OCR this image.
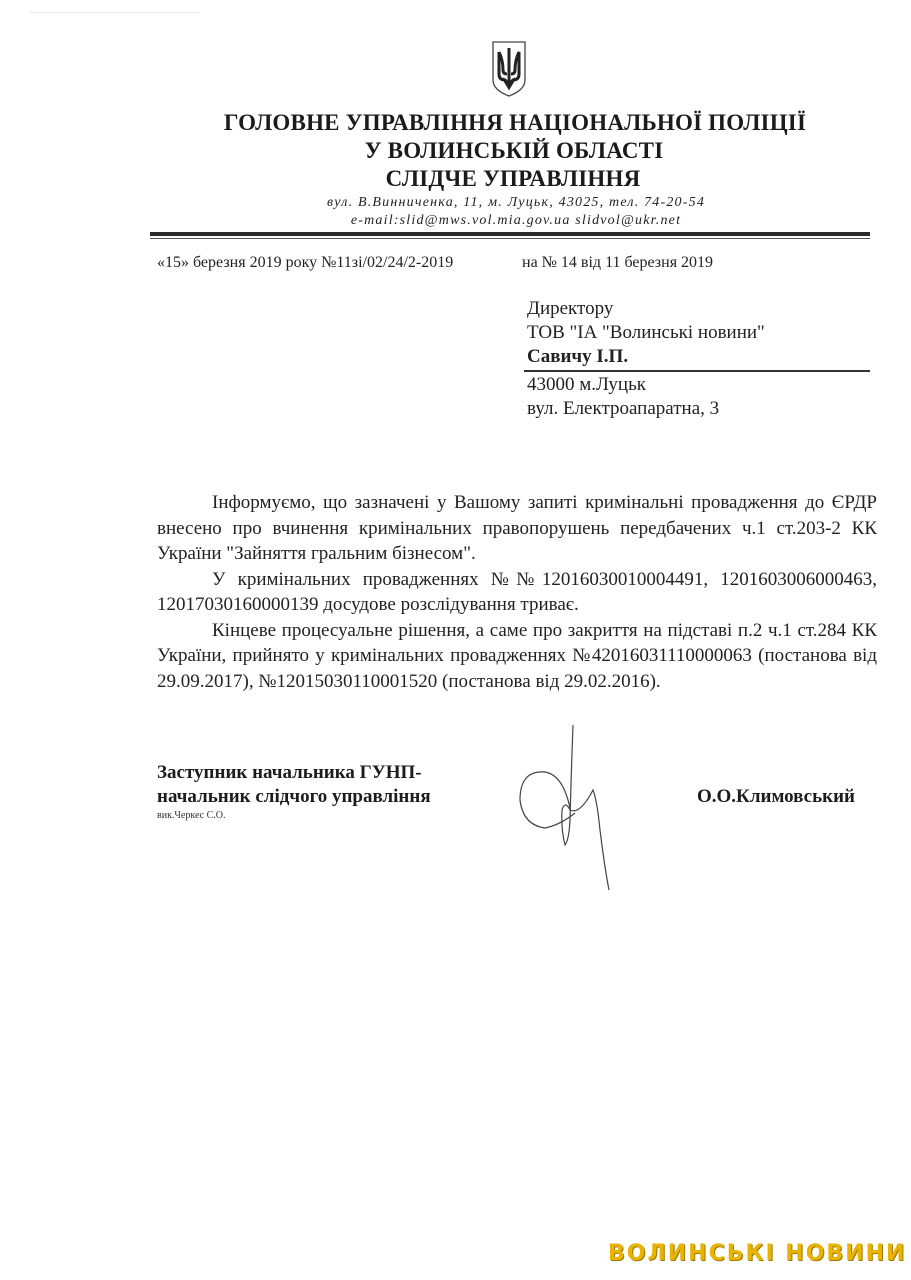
ГОЛОВНЕ УПРАВЛІННЯ НАЦІОНАЛЬНОЇ ПОЛІЦІЇ
У ВОЛИНСЬКІЙ ОБЛАСТІ
СЛІДЧЕ УПРАВЛІННЯ
вул. В.Винниченка, 11, м. Луцьк, 43025, тел. 74-20-54
e-mail:slid@mws.vol.mia.gov.ua slidvol@ukr.net
«15» березня 2019 року №11зі/02/24/2-2019	на № 14 від 11 березня 2019
Директору
ТОВ "ІА "Волинські новини"
Савичу І.П.
43000 м.Луцьк
вул. Електроапаратна, 3

Інформуємо, що зазначені у Вашому запиті кримінальні провадження до ЄРДР внесено про вчинення кримінальних правопорушень передбачених ч.1 ст.203-2 КК України "Зайняття гральним бізнесом".

У кримінальних провадженнях №№12016030010004491, 1201603006000463, 12017030160000139 досудове розслідування триває.

Кінцеве процесуальне рішення, а саме про закриття на підставі п.2 ч.1 ст.284 КК України, прийнято у кримінальних провадженнях №42016031110000063 (постанова від 29.09.2017), №12015030110001520 (постанова від 29.02.2016).

Заступник начальника ГУНП-
начальник слідчого управління
вик.Черкес С.О.
О.О.Климовський
ВОЛИНСЬКІ НОВИНИ
